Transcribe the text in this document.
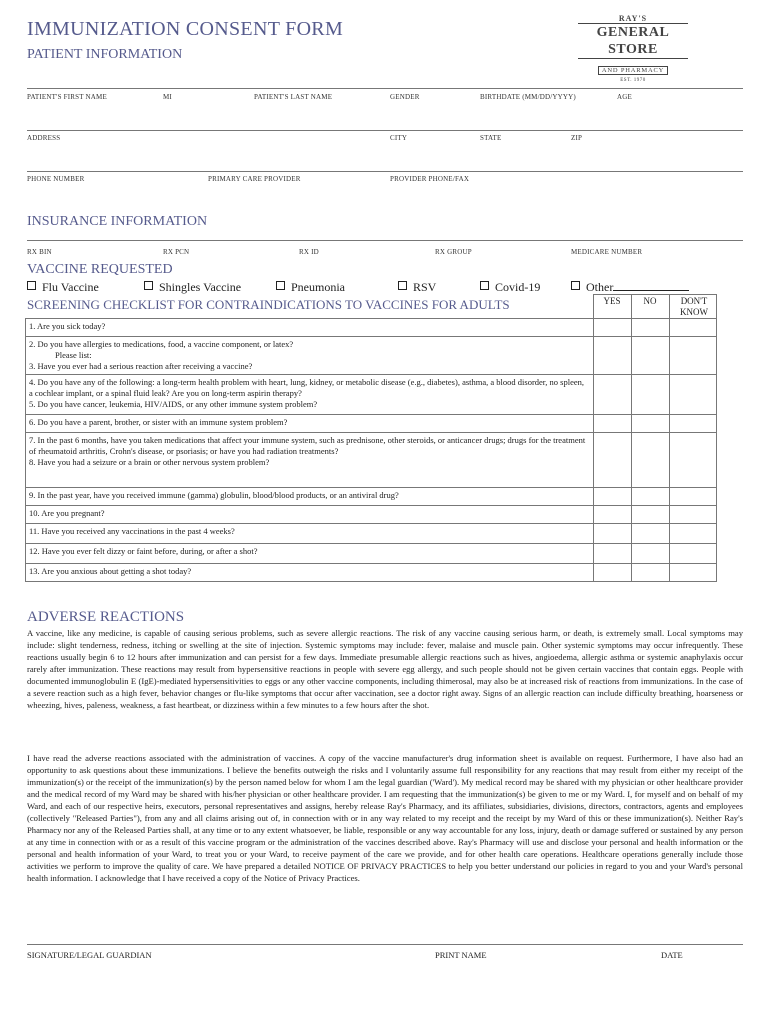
IMMUNIZATION CONSENT FORM	RAY'S
GENERAL STORE
AND PHARMACY
EST. 1970
PATIENT INFORMATION
PATIENT'S FIRST NAME	MI	PATIENT'S LAST NAME	GENDER	BIRTHDATE (MM/DD/YYYY)	AGE
ADDRESS	CITY	STATE	ZIP
PHONE NUMBER	PRIMARY CARE PROVIDER	PROVIDER PHONE/FAX
INSURANCE INFORMATION
RX BIN	RX PCN	RX ID	RX GROUP	MEDICARE NUMBER
VACCINE REQUESTED
Flu Vaccine	Shingles Vaccine	Pneumonia	RSV	Covid-19	Other
SCREENING CHECKLIST FOR CONTRAINDICATIONS TO VACCINES FOR ADULTS	YES	NO	DON'T
KNOW
1. Are you sick today?
2. Do you have allergies to medications, food, a vaccine component, or latex?
Please list:
3. Have you ever had a serious reaction after receiving a vaccine?
4. Do you have any of the following: a long-term health problem with heart, lung, kidney, or metabolic disease (e.g., diabetes), asthma, a blood disorder, no spleen, a cochlear implant, or a spinal fluid leak? Are you on long-term aspirin therapy?
5. Do you have cancer, leukemia, HIV/AIDS, or any other immune system problem?
6. Do you have a parent, brother, or sister with an immune system problem?
7. In the past 6 months, have you taken medications that affect your immune system, such as prednisone, other steroids, or anticancer drugs; drugs for the treatment of rheumatoid arthritis, Crohn's disease, or psoriasis; or have you had radiation treatments?
8. Have you had a seizure or a brain or other nervous system problem?
9. In the past year, have you received immune (gamma) globulin, blood/blood products, or an antiviral drug?
10. Are you pregnant?
11. Have you received any vaccinations in the past 4 weeks?
12. Have you ever felt dizzy or faint before, during, or after a shot?
13. Are you anxious about getting a shot today?
ADVERSE REACTIONS
A vaccine, like any medicine, is capable of causing serious problems, such as severe allergic reactions. The risk of any vaccine causing serious harm, or death, is extremely small. Local symptoms may include: slight tenderness, redness, itching or swelling at the site of injection. Systemic symptoms may include: fever, malaise and muscle pain. Other systemic symptoms may occur infrequently. These reactions usually begin 6 to 12 hours after immunization and can persist for a few days. Immediate presumable allergic reactions such as hives, angioedema, allergic asthma or systemic anaphylaxis occur rarely after immunization. These reactions may result from hypersensitive reactions in people with severe egg allergy, and such people should not be given certain vaccines that contain eggs. People with documented immunoglobulin E (IgE)-mediated hypersensitivities to eggs or any other vaccine components, including thimerosal, may also be at increased risk of reactions from immunizations. In the case of a severe reaction such as a high fever, behavior changes or flu-like symptoms that occur after vaccination, see a doctor right away. Signs of an allergic reaction can include difficulty breathing, hoarseness or wheezing, hives, paleness, weakness, a fast heartbeat, or dizziness within a few minutes to a few hours after the shot.
I have read the adverse reactions associated with the administration of vaccines. A copy of the vaccine manufacturer's drug information sheet is available on request. Furthermore, I have also had an opportunity to ask questions about these immunizations. I believe the benefits outweigh the risks and I voluntarily assume full responsibility for any reactions that may result from either my receipt of the immunization(s) or the receipt of the immunization(s) by the person named below for whom I am the legal guardian ('Ward'). My medical record may be shared with my physician or other healthcare provider and the medical record of my Ward may be shared with his/her physician or other healthcare provider. I am requesting that the immunization(s) be given to me or my Ward. I, for myself and on behalf of my Ward, and each of our respective heirs, executors, personal representatives and assigns, hereby release Ray's Pharmacy, and its affiliates, subsidiaries, divisions, directors, contractors, agents and employees (collectively "Released Parties"), from any and all claims arising out of, in connection with or in any way related to my receipt and the receipt by my Ward of this or these immunization(s). Neither Ray's Pharmacy nor any of the Released Parties shall, at any time or to any extent whatsoever, be liable, responsible or any way accountable for any loss, injury, death or damage suffered or sustained by any person at any time in connection with or as a result of this vaccine program or the administration of the vaccines described above. Ray's Pharmacy will use and disclose your personal and health information or the personal and health information of your Ward, to treat you or your Ward, to receive payment of the care we provide, and for other health care operations. Healthcare operations generally include those activities we perform to improve the quality of care. We have prepared a detailed NOTICE OF PRIVACY PRACTICES to help you better understand our policies in regard to you and your Ward's personal health information. I acknowledge that I have received a copy of the Notice of Privacy Practices.
SIGNATURE/LEGAL GUARDIAN	PRINT NAME	DATE
